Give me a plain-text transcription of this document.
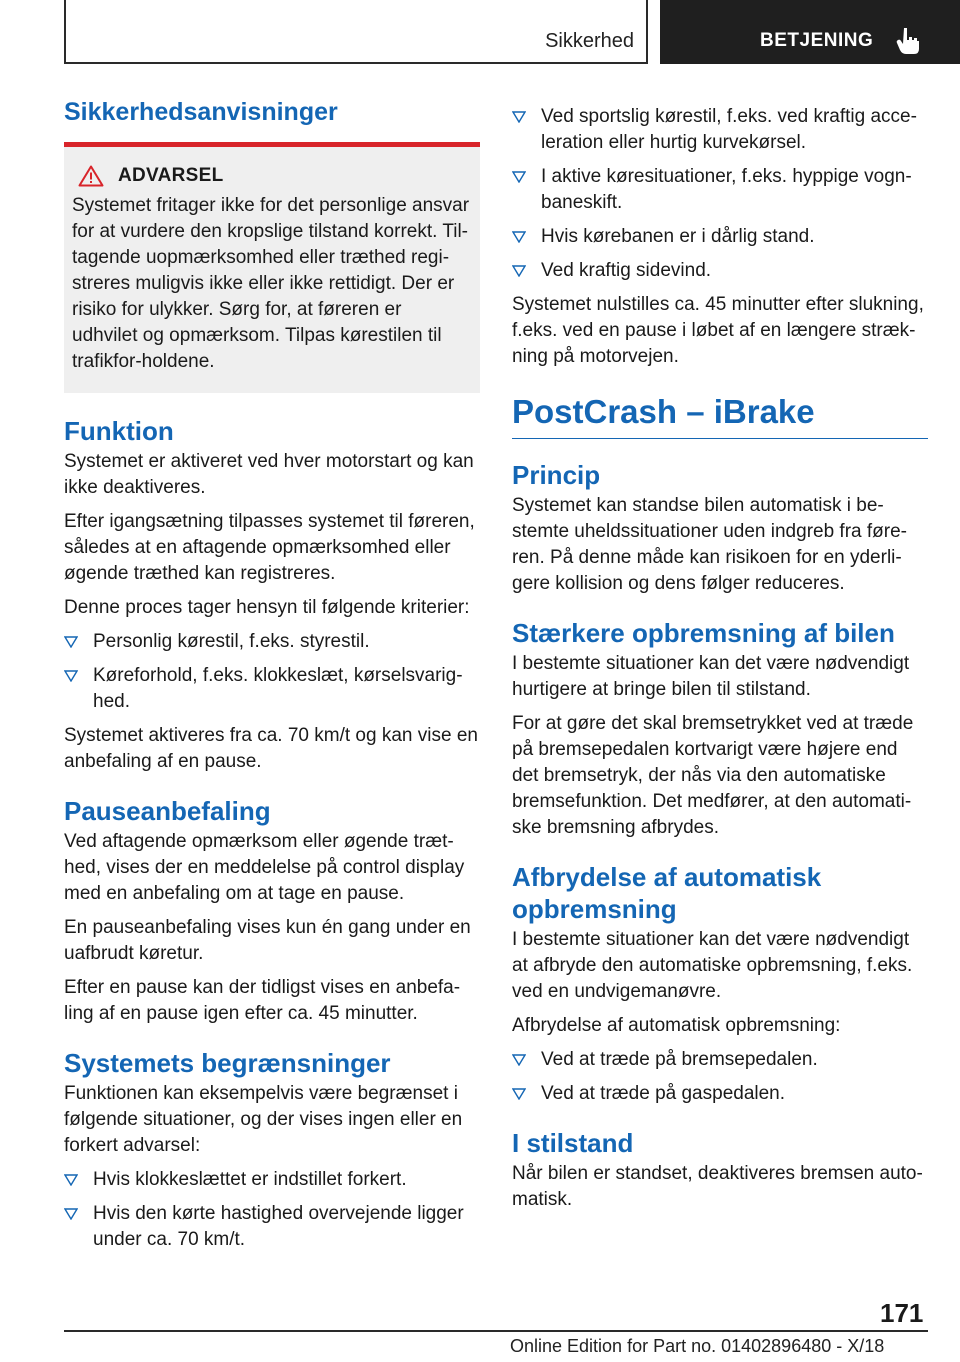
Sikkerhed	BETJENING
Sikkerhedsanvisninger
ADVARSEL

Systemet fritager ikke for det personlige ansvar for at vurdere den kropslige tilstand korrekt. Til-tagende uopmærksomhed eller træthed regi-streres muligvis ikke eller ikke rettidigt. Der er risiko for ulykker. Sørg for, at føreren er udhvilet og opmærksom. Tilpas kørestilen til trafikfor-holdene.

Funktion

Systemet er aktiveret ved hver motorstart og kan ikke deaktiveres.

Efter igangsætning tilpasses systemet til føreren, således at en aftagende opmærksomhed eller øgende træthed kan registreres.

Denne proces tager hensyn til følgende kriterier:

Personlig kørestil, f.eks. styrestil.
Køreforhold, f.eks. klokkeslæt, kørselsvarig-hed.

Systemet aktiveres fra ca. 70 km/t og kan vise en anbefaling af en pause.

Pauseanbefaling

Ved aftagende opmærksom eller øgende træt-hed, vises der en meddelelse på control display med en anbefaling om at tage en pause.

En pauseanbefaling vises kun én gang under en uafbrudt køretur.

Efter en pause kan der tidligst vises en anbefa-ling af en pause igen efter ca. 45 minutter.

Systemets begrænsninger

Funktionen kan eksempelvis være begrænset i følgende situationer, og der vises ingen eller en forkert advarsel:

Hvis klokkeslættet er indstillet forkert.
Hvis den kørte hastighed overvejende ligger under ca. 70 km/t.
Ved sportslig kørestil, f.eks. ved kraftig acce-leration eller hurtig kurvekørsel.
I aktive køresituationer, f.eks. hyppige vogn-baneskift.
Hvis kørebanen er i dårlig stand.
Ved kraftig sidevind.

Systemet nulstilles ca. 45 minutter efter slukning, f.eks. ved en pause i løbet af en længere stræk-ning på motorvejen.

PostCrash – iBrake
Princip

Systemet kan standse bilen automatisk i be-stemte uheldssituationer uden indgreb fra føre-ren. På denne måde kan risikoen for en yderli-gere kollision og dens følger reduceres.

Stærkere opbremsning af bilen

I bestemte situationer kan det være nødvendigt hurtigere at bringe bilen til stilstand.

For at gøre det skal bremsetrykket ved at træde på bremsepedalen kortvarigt være højere end det bremsetryk, der nås via den automatiske bremsefunktion. Det medfører, at den automati-ske bremsning afbrydes.

Afbrydelse af automatisk opbremsning

I bestemte situationer kan det være nødvendigt at afbryde den automatiske opbremsning, f.eks. ved en undvigemanøvre.

Afbrydelse af automatisk opbremsning:

Ved at træde på bremsepedalen.
Ved at træde på gaspedalen.
I stilstand

Når bilen er standset, deaktiveres bremsen auto-matisk.

171
Online Edition for Part no. 01402896480 - X/18
